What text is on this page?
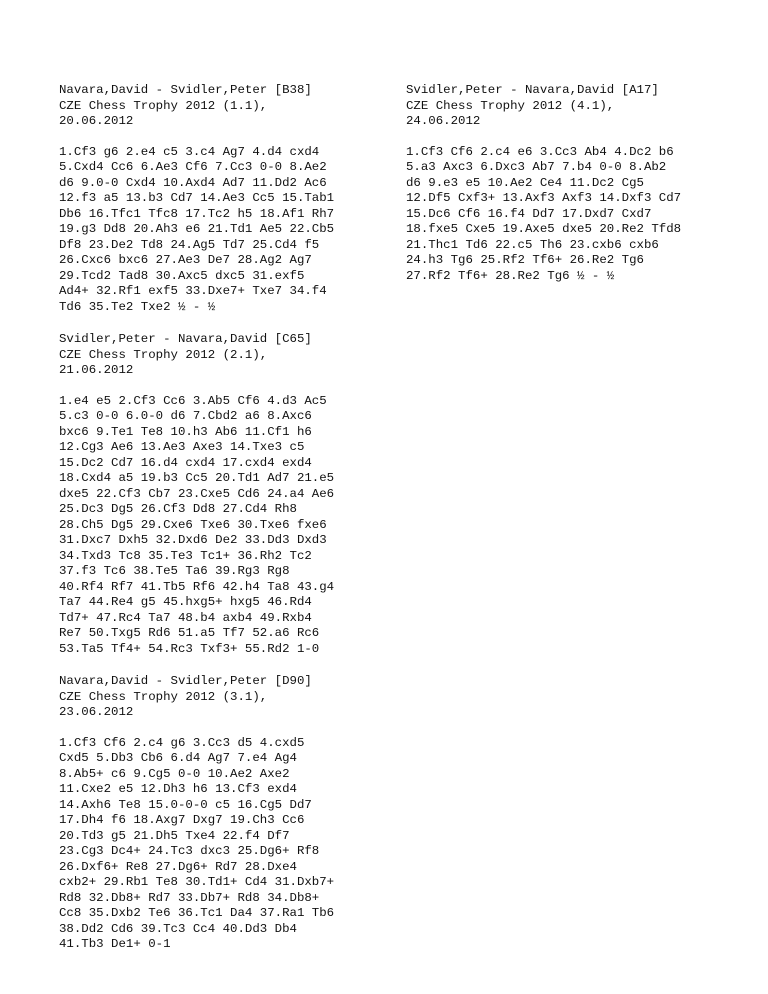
Navara,David - Svidler,Peter [B38]
CZE Chess Trophy 2012 (1.1),
20.06.2012
1.Cf3 g6 2.e4 c5 3.c4 Ag7 4.d4 cxd4
5.Cxd4 Cc6 6.Ae3 Cf6 7.Cc3 0-0 8.Ae2
d6 9.0-0 Cxd4 10.Axd4 Ad7 11.Dd2 Ac6
12.f3 a5 13.b3 Cd7 14.Ae3 Cc5 15.Tab1
Db6 16.Tfc1 Tfc8 17.Tc2 h5 18.Af1 Rh7
19.g3 Dd8 20.Ah3 e6 21.Td1 Ae5 22.Cb5
Df8 23.De2 Td8 24.Ag5 Td7 25.Cd4 f5
26.Cxc6 bxc6 27.Ae3 De7 28.Ag2 Ag7
29.Tcd2 Tad8 30.Axc5 dxc5 31.exf5
Ad4+ 32.Rf1 exf5 33.Dxe7+ Txe7 34.f4
Td6 35.Te2 Txe2 ½ - ½
Svidler,Peter - Navara,David [C65]
CZE Chess Trophy 2012 (2.1),
21.06.2012
1.e4 e5 2.Cf3 Cc6 3.Ab5 Cf6 4.d3 Ac5
5.c3 0-0 6.0-0 d6 7.Cbd2 a6 8.Axc6
bxc6 9.Te1 Te8 10.h3 Ab6 11.Cf1 h6
12.Cg3 Ae6 13.Ae3 Axe3 14.Txe3 c5
15.Dc2 Cd7 16.d4 cxd4 17.cxd4 exd4
18.Cxd4 a5 19.b3 Cc5 20.Td1 Ad7 21.e5
dxe5 22.Cf3 Cb7 23.Cxe5 Cd6 24.a4 Ae6
25.Dc3 Dg5 26.Cf3 Dd8 27.Cd4 Rh8
28.Ch5 Dg5 29.Cxe6 Txe6 30.Txe6 fxe6
31.Dxc7 Dxh5 32.Dxd6 De2 33.Dd3 Dxd3
34.Txd3 Tc8 35.Te3 Tc1+ 36.Rh2 Tc2
37.f3 Tc6 38.Te5 Ta6 39.Rg3 Rg8
40.Rf4 Rf7 41.Tb5 Rf6 42.h4 Ta8 43.g4
Ta7 44.Re4 g5 45.hxg5+ hxg5 46.Rd4
Td7+ 47.Rc4 Ta7 48.b4 axb4 49.Rxb4
Re7 50.Txg5 Rd6 51.a5 Tf7 52.a6 Rc6
53.Ta5 Tf4+ 54.Rc3 Txf3+ 55.Rd2 1-0
Navara,David - Svidler,Peter [D90]
CZE Chess Trophy 2012 (3.1),
23.06.2012
1.Cf3 Cf6 2.c4 g6 3.Cc3 d5 4.cxd5
Cxd5 5.Db3 Cb6 6.d4 Ag7 7.e4 Ag4
8.Ab5+ c6 9.Cg5 0-0 10.Ae2 Axe2
11.Cxe2 e5 12.Dh3 h6 13.Cf3 exd4
14.Axh6 Te8 15.0-0-0 c5 16.Cg5 Dd7
17.Dh4 f6 18.Axg7 Dxg7 19.Ch3 Cc6
20.Td3 g5 21.Dh5 Txe4 22.f4 Df7
23.Cg3 Dc4+ 24.Tc3 dxc3 25.Dg6+ Rf8
26.Dxf6+ Re8 27.Dg6+ Rd7 28.Dxe4
cxb2+ 29.Rb1 Te8 30.Td1+ Cd4 31.Dxb7+
Rd8 32.Db8+ Rd7 33.Db7+ Rd8 34.Db8+
Cc8 35.Dxb2 Te6 36.Tc1 Da4 37.Ra1 Tb6
38.Dd2 Cd6 39.Tc3 Cc4 40.Dd3 Db4
41.Tb3 De1+ 0-1
Svidler,Peter - Navara,David [A17]
CZE Chess Trophy 2012 (4.1),
24.06.2012
1.Cf3 Cf6 2.c4 e6 3.Cc3 Ab4 4.Dc2 b6
5.a3 Axc3 6.Dxc3 Ab7 7.b4 0-0 8.Ab2
d6 9.e3 e5 10.Ae2 Ce4 11.Dc2 Cg5
12.Df5 Cxf3+ 13.Axf3 Axf3 14.Dxf3 Cd7
15.Dc6 Cf6 16.f4 Dd7 17.Dxd7 Cxd7
18.fxe5 Cxe5 19.Axe5 dxe5 20.Re2 Tfd8
21.Thc1 Td6 22.c5 Th6 23.cxb6 cxb6
24.h3 Tg6 25.Rf2 Tf6+ 26.Re2 Tg6
27.Rf2 Tf6+ 28.Re2 Tg6 ½ - ½
